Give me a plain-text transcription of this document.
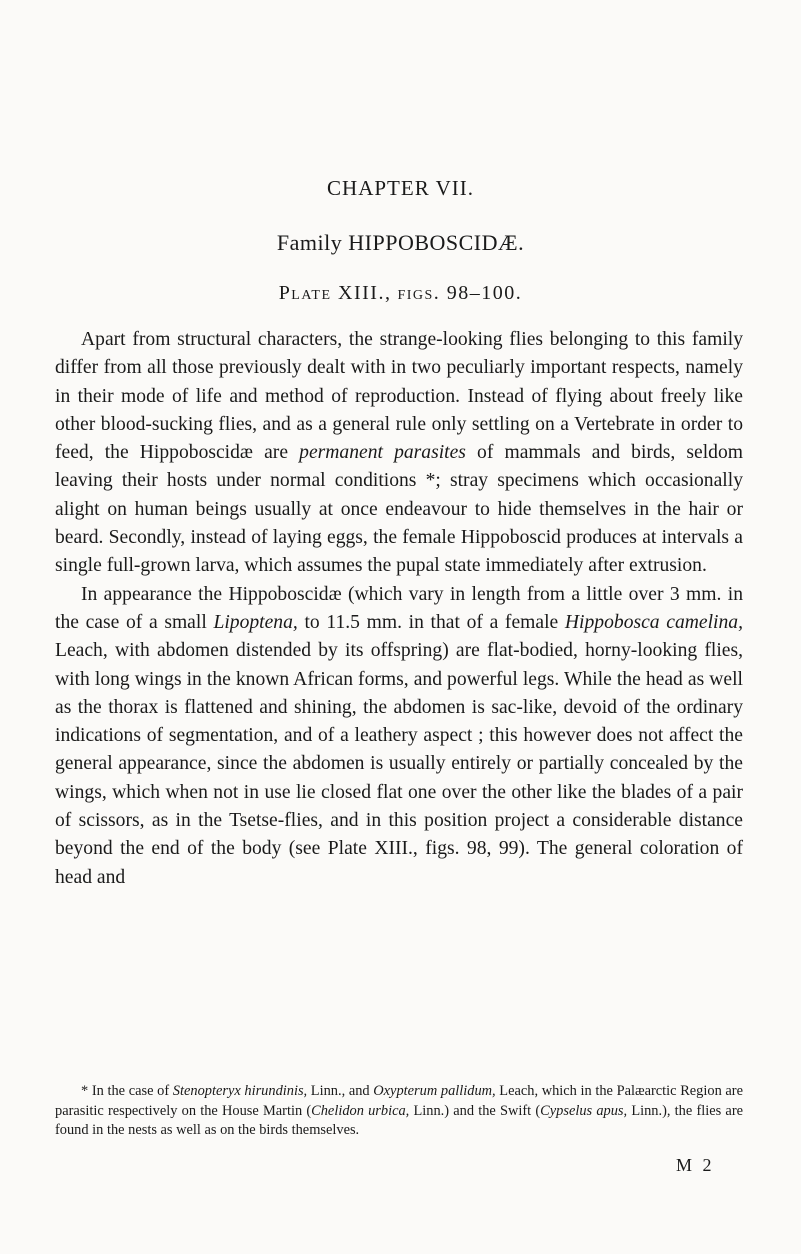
CHAPTER VII.
Family HIPPOBOSCIDÆ.
Plate XIII., figs. 98–100.

Apart from structural characters, the strange-looking flies belonging to this family differ from all those previously dealt with in two peculiarly important respects, namely in their mode of life and method of reproduction. Instead of flying about freely like other blood-sucking flies, and as a general rule only settling on a Vertebrate in order to feed, the Hippoboscidæ are permanent parasites of mammals and birds, seldom leaving their hosts under normal conditions *; stray specimens which occasionally alight on human beings usually at once endeavour to hide themselves in the hair or beard. Secondly, instead of laying eggs, the female Hippoboscid produces at intervals a single full-grown larva, which assumes the pupal state immediately after extrusion.

In appearance the Hippoboscidæ (which vary in length from a little over 3 mm. in the case of a small Lipoptena, to 11.5 mm. in that of a female Hippobosca camelina, Leach, with abdomen distended by its offspring) are flat-bodied, horny-looking flies, with long wings in the known African forms, and powerful legs. While the head as well as the thorax is flattened and shining, the abdomen is sac-like, devoid of the ordinary indications of segmentation, and of a leathery aspect ; this however does not affect the general appearance, since the abdomen is usually entirely or partially concealed by the wings, which when not in use lie closed flat one over the other like the blades of a pair of scissors, as in the Tsetse-flies, and in this position project a considerable distance beyond the end of the body (see Plate XIII., figs. 98, 99). The general coloration of head and

* In the case of Stenopteryx hirundinis, Linn., and Oxypterum pallidum, Leach, which in the Palæarctic Region are parasitic respectively on the House Martin (Chelidon urbica, Linn.) and the Swift (Cypselus apus, Linn.), the flies are found in the nests as well as on the birds themselves.

M 2
